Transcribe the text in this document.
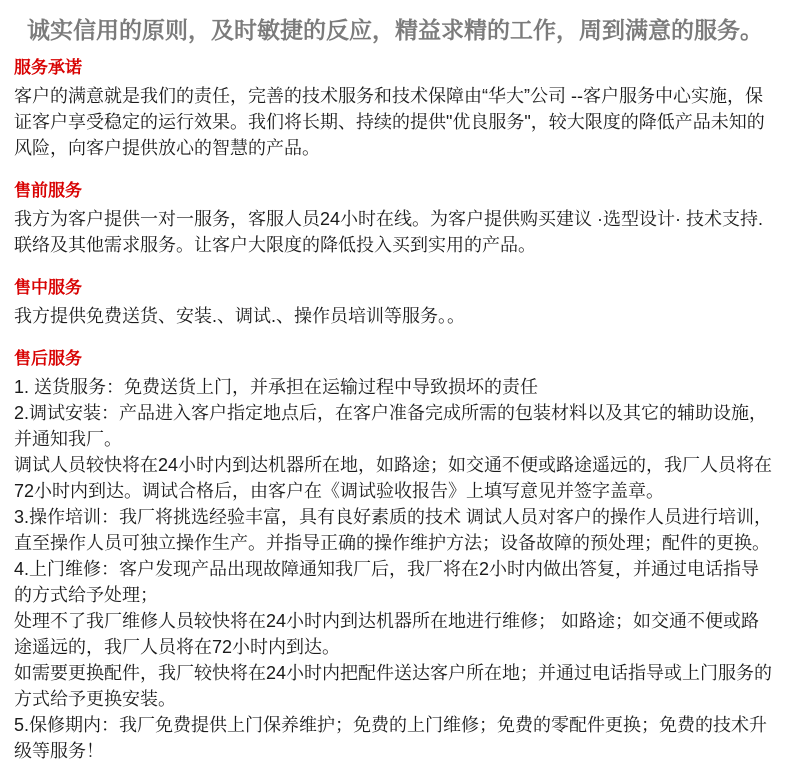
诚实信用的原则，及时敏捷的反应，精益求精的工作，周到满意的服务。
服务承诺

客户的满意就是我们的责任，完善的技术服务和技术保障由“华大”公司 --客户服务中心实施，保证客户享受稳定的运行效果。我们将长期、持续的提供"优良服务"，较大限度的降低产品未知的风险，向客户提供放心的智慧的产品。

售前服务

我方为客户提供一对一服务，客服人员24小时在线。为客户提供购买建议 ·选型设计· 技术支持.联络及其他需求服务。让客户大限度的降低投入买到实用的产品。

售中服务

我方提供免费送货、安装.、调试.、操作员培训等服务。。

售后服务

1. 送货服务：免费送货上门，并承担在运输过程中导致损坏的责任

2.调试安装：产品进入客户指定地点后，在客户准备完成所需的包装材料以及其它的辅助设施，并通知我厂。

调试人员较快将在24小时内到达机器所在地，如路途；如交通不便或路途遥远的，我厂人员将在72小时内到达。调试合格后，由客户在《调试验收报告》上填写意见并签字盖章。

3.操作培训：我厂将挑选经验丰富，具有良好素质的技术 调试人员对客户的操作人员进行培训，直至操作人员可独立操作生产。并指导正确的操作维护方法；设备故障的预处理；配件的更换。

4.上门维修：客户发现产品出现故障通知我厂后，我厂将在2小时内做出答复，并通过电话指导的方式给予处理；

处理不了我厂维修人员较快将在24小时内到达机器所在地进行维修； 如路途；如交通不便或路途遥远的，我厂人员将在72小时内到达。

如需要更换配件，我厂较快将在24小时内把配件送达客户所在地；并通过电话指导或上门服务的方式给予更换安装。

5.保修期内：我厂免费提供上门保养维护；免费的上门维修；免费的零配件更换；免费的技术升级等服务！
